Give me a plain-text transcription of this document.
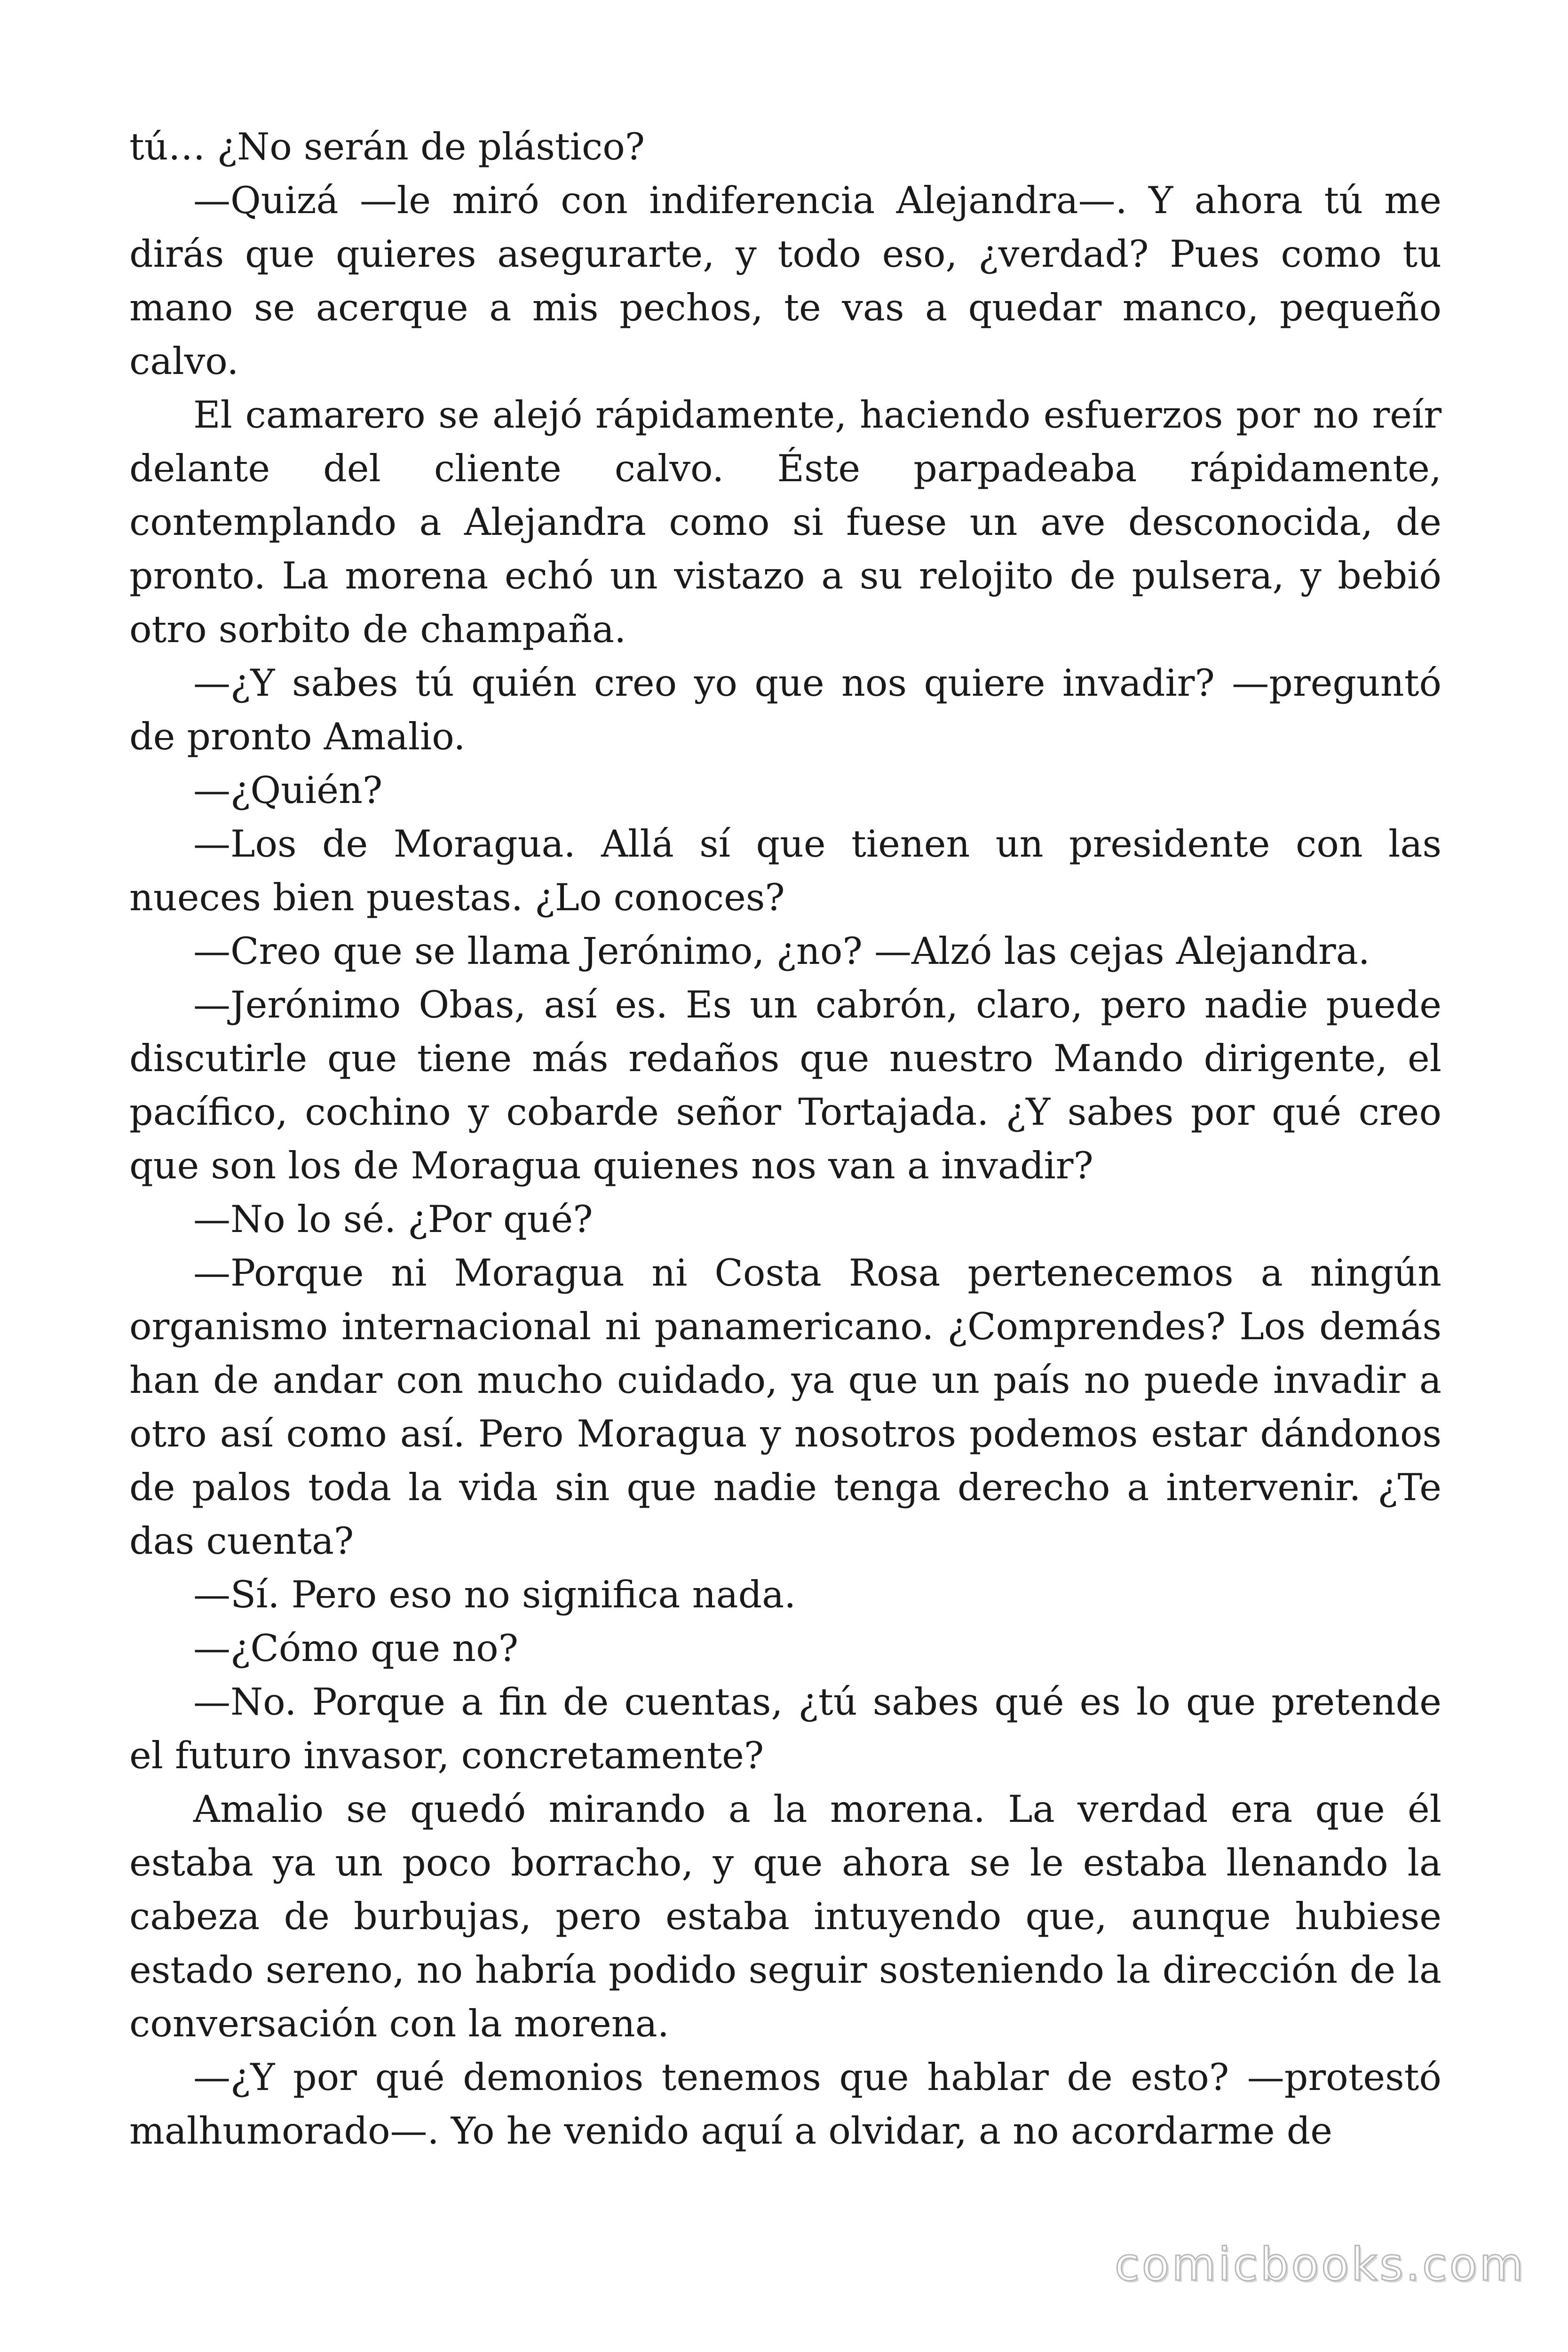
tú… ¿No serán de plástico?

—Quizá —le miró con indiferencia Alejandra—. Y ahora tú me dirás que quieres asegurarte, y todo eso, ¿verdad? Pues como tu mano se acerque a mis pechos, te vas a quedar manco, pequeño calvo.

El camarero se alejó rápidamente, haciendo esfuerzos por no reír delante del cliente calvo. Éste parpadeaba rápidamente, contemplando a Alejandra como si fuese un ave desconocida, de pronto. La morena echó un vistazo a su relojito de pulsera, y bebió otro sorbito de champaña.

—¿Y sabes tú quién creo yo que nos quiere invadir? —preguntó de pronto Amalio.

—¿Quién?

—Los de Moragua. Allá sí que tienen un presidente con las nueces bien puestas. ¿Lo conoces?

—Creo que se llama Jerónimo, ¿no? —Alzó las cejas Alejandra.

—Jerónimo Obas, así es. Es un cabrón, claro, pero nadie puede discutirle que tiene más redaños que nuestro Mando dirigente, el pacífico, cochino y cobarde señor Tortajada. ¿Y sabes por qué creo que son los de Moragua quienes nos van a invadir?

—No lo sé. ¿Por qué?

—Porque ni Moragua ni Costa Rosa pertenecemos a ningún organismo internacional ni panamericano. ¿Comprendes? Los demás han de andar con mucho cuidado, ya que un país no puede invadir a otro así como así. Pero Moragua y nosotros podemos estar dándonos de palos toda la vida sin que nadie tenga derecho a intervenir. ¿Te das cuenta?

—Sí. Pero eso no significa nada.

—¿Cómo que no?

—No. Porque a fin de cuentas, ¿tú sabes qué es lo que pretende el futuro invasor, concretamente?

Amalio se quedó mirando a la morena. La verdad era que él estaba ya un poco borracho, y que ahora se le estaba llenando la cabeza de burbujas, pero estaba intuyendo que, aunque hubiese estado sereno, no habría podido seguir sosteniendo la dirección de la conversación con la morena.

—¿Y por qué demonios tenemos que hablar de esto? —protestó malhumorado—. Yo he venido aquí a olvidar, a no acordarme de

comicbooks.com
